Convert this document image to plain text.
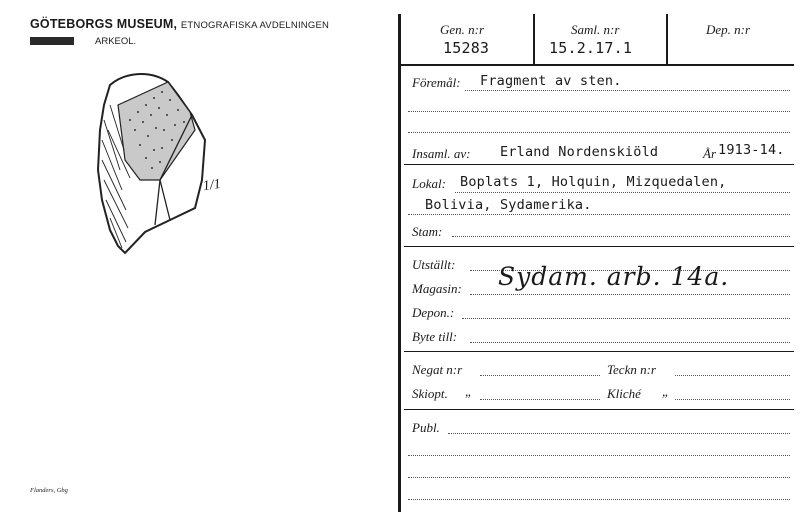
GÖTEBORGS MUSEUM, ETNOGRAFISKA AVDELNINGEN
ARKEOL.
1/1
Flanders, Gbg
Gen. n:r
15283
Saml. n:r
15.2.17.1
Dep. n:r
Föremål: Fragment av sten.
Insaml. av: Erland Nordenskiöld	År 1913-14.
Lokal: Boplats 1, Holquin, Mizquedalen,
Bolivia, Sydamerika.
Stam:
Utställt:
Magasin: Sydam. arb. 14a.
Depon.:
Byte till:
Negat n:r	Teckn n:r
Skiopt. „	Kliché „
Publ.
